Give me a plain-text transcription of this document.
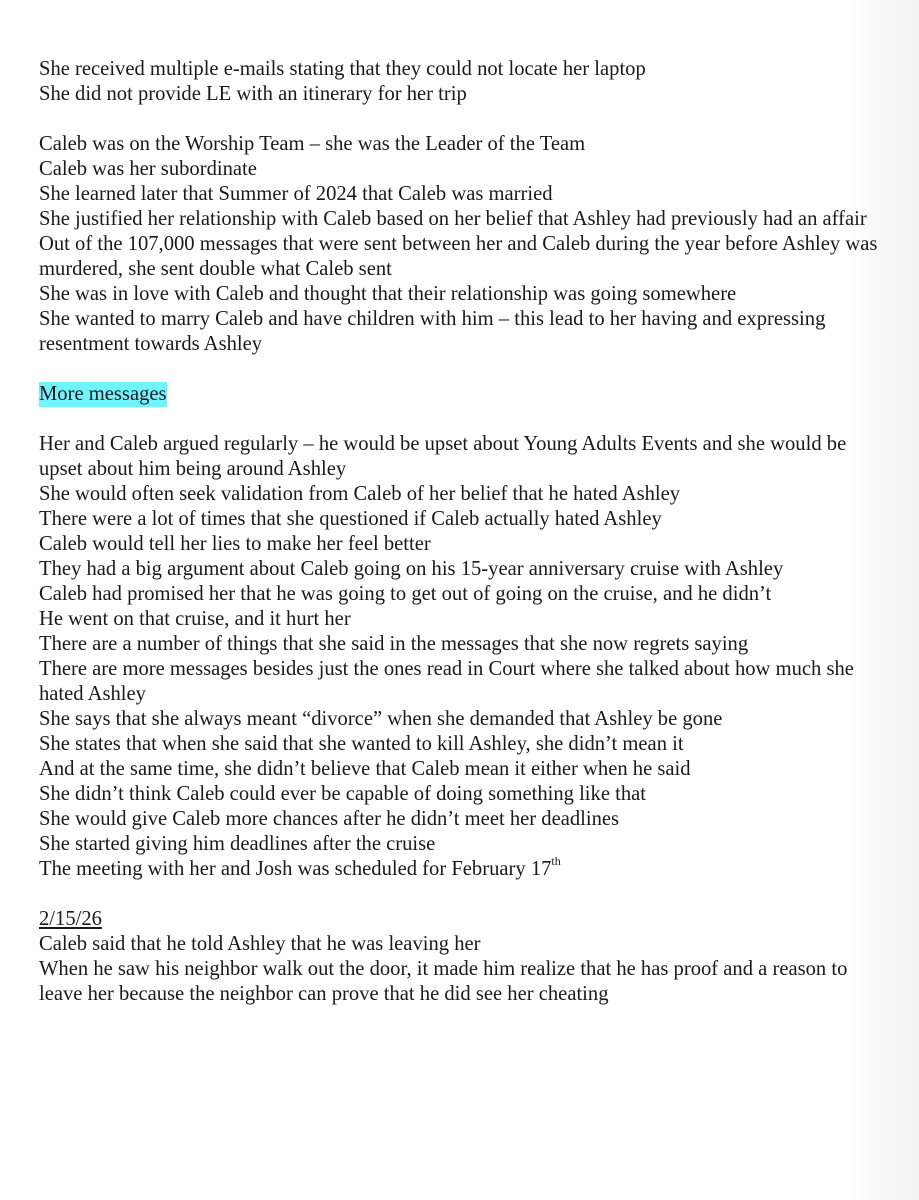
She received multiple e-mails stating that they could not locate her laptop
She did not provide LE with an itinerary for her trip
Caleb was on the Worship Team – she was the Leader of the Team
Caleb was her subordinate
She learned later that Summer of 2024 that Caleb was married
She justified her relationship with Caleb based on her belief that Ashley had previously had an affair
Out of the 107,000 messages that were sent between her and Caleb during the year before Ashley was murdered, she sent double what Caleb sent
She was in love with Caleb and thought that their relationship was going somewhere
She wanted to marry Caleb and have children with him – this lead to her having and expressing resentment towards Ashley
More messages
Her and Caleb argued regularly – he would be upset about Young Adults Events and she would be upset about him being around Ashley
She would often seek validation from Caleb of her belief that he hated Ashley
There were a lot of times that she questioned if Caleb actually hated Ashley
Caleb would tell her lies to make her feel better
They had a big argument about Caleb going on his 15-year anniversary cruise with Ashley
Caleb had promised her that he was going to get out of going on the cruise, and he didn’t
He went on that cruise, and it hurt her
There are a number of things that she said in the messages that she now regrets saying
There are more messages besides just the ones read in Court where she talked about how much she hated Ashley
She says that she always meant “divorce” when she demanded that Ashley be gone
She states that when she said that she wanted to kill Ashley, she didn’t mean it
And at the same time, she didn’t believe that Caleb mean it either when he said
She didn’t think Caleb could ever be capable of doing something like that
She would give Caleb more chances after he didn’t meet her deadlines
She started giving him deadlines after the cruise
The meeting with her and Josh was scheduled for February 17th
2/15/26
Caleb said that he told Ashley that he was leaving her
When he saw his neighbor walk out the door, it made him realize that he has proof and a reason to leave her because the neighbor can prove that he did see her cheating
